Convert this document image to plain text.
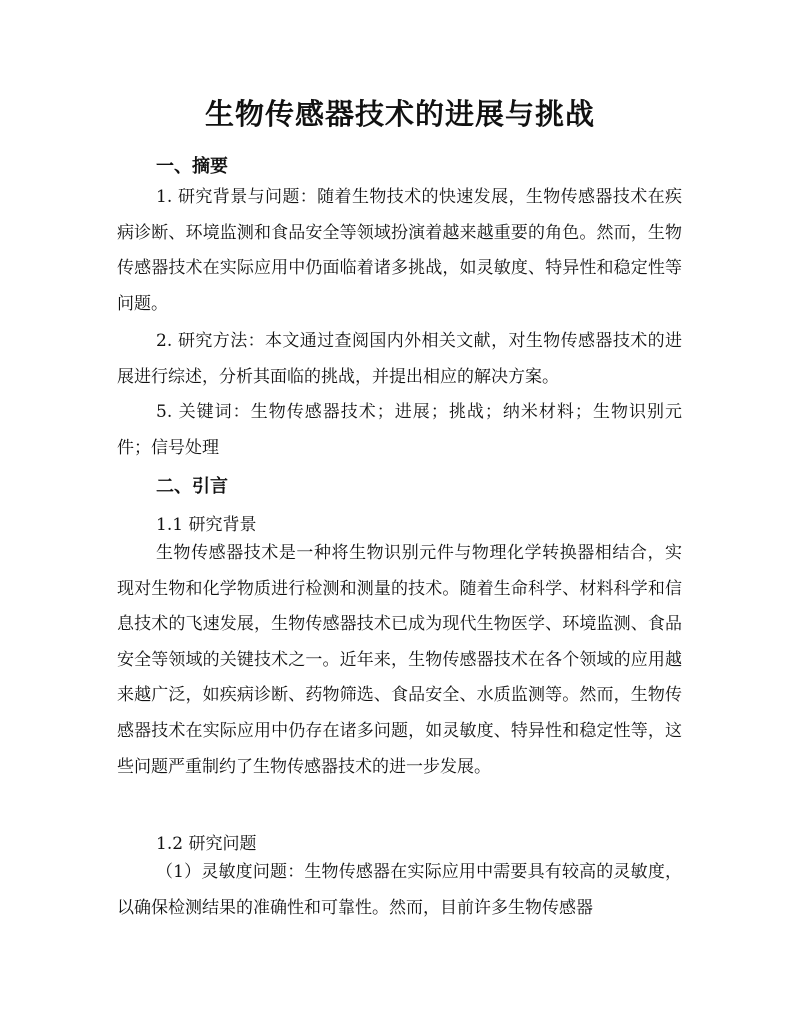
生物传感器技术的进展与挑战
一、摘要

1. 研究背景与问题：随着生物技术的快速发展，生物传感器技术在疾病诊断、环境监测和食品安全等领域扮演着越来越重要的角色。然而，生物传感器技术在实际应用中仍面临着诸多挑战，如灵敏度、特异性和稳定性等问题。

2. 研究方法：本文通过查阅国内外相关文献，对生物传感器技术的进展进行综述，分析其面临的挑战，并提出相应的解决方案。

5. 关键词：生物传感器技术；进展；挑战；纳米材料；生物识别元件；信号处理

二、引言
1.1 研究背景

生物传感器技术是一种将生物识别元件与物理化学转换器相结合，实现对生物和化学物质进行检测和测量的技术。随着生命科学、材料科学和信息技术的飞速发展，生物传感器技术已成为现代生物医学、环境监测、食品安全等领域的关键技术之一。近年来，生物传感器技术在各个领域的应用越来越广泛，如疾病诊断、药物筛选、食品安全、水质监测等。然而，生物传感器技术在实际应用中仍存在诸多问题，如灵敏度、特异性和稳定性等，这些问题严重制约了生物传感器技术的进一步发展。

1.2 研究问题

（1）灵敏度问题：生物传感器在实际应用中需要具有较高的灵敏度，以确保检测结果的准确性和可靠性。然而，目前许多生物传感器
